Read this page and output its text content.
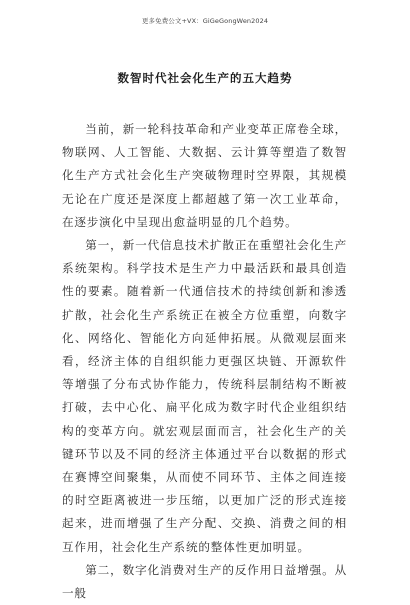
更多免费公文+VX：GiGeGongWen2024
数智时代社会化生产的五大趋势

当前，新一轮科技革命和产业变革正席卷全球，物联网、人工智能、大数据、云计算等塑造了数智化生产方式社会化生产突破物理时空界限，其规模无论在广度还是深度上都超越了第一次工业革命，在逐步演化中呈现出愈益明显的几个趋势。

第一，新一代信息技术扩散正在重塑社会化生产系统架构。科学技术是生产力中最活跃和最具创造性的要素。随着新一代通信技术的持续创新和渗透扩散，社会化生产系统正在被全方位重塑，向数字化、网络化、智能化方向延伸拓展。从微观层面来看，经济主体的自组织能力更强区块链、开源软件等增强了分布式协作能力，传统科层制结构不断被打破，去中心化、扁平化成为数字时代企业组织结构的变革方向。就宏观层面而言，社会化生产的关键环节以及不同的经济主体通过平台以数据的形式在赛博空间聚集，从而使不同环节、主体之间连接的时空距离被进一步压缩，以更加广泛的形式连接起来，进而增强了生产分配、交换、消费之间的相互作用，社会化生产系统的整体性更加明显。

第二，数字化消费对生产的反作用日益增强。从一般
